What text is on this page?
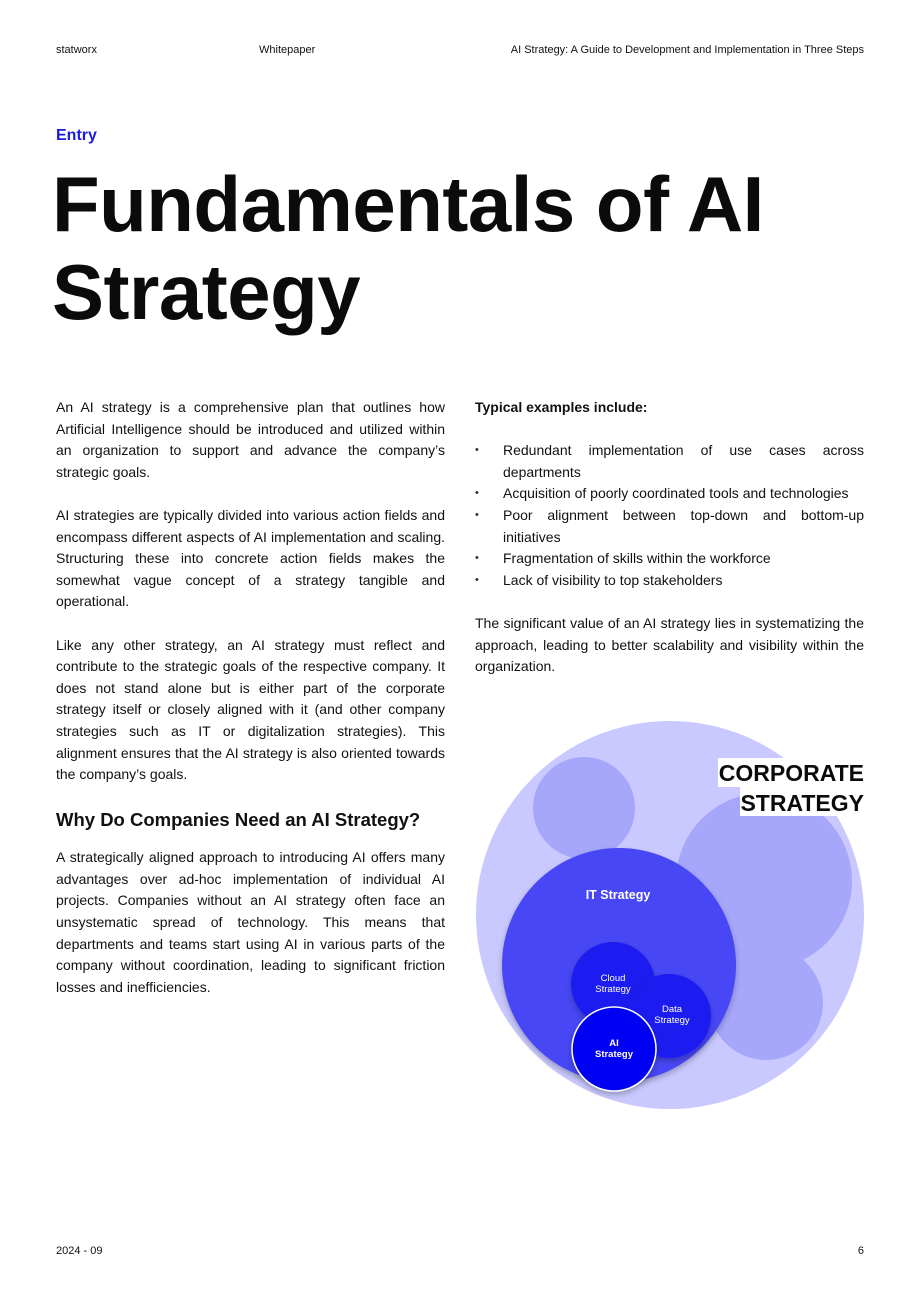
statworx	Whitepaper	AI Strategy: A Guide to Development and Implementation in Three Steps
Entry
Fundamentals of AI Strategy

An AI strategy is a comprehensive plan that outlines how Artificial Intelligence should be introduced and utilized within an organization to support and advance the company’s strategic goals.

AI strategies are typically divided into various action fields and encompass different aspects of AI implementation and scaling. Structuring these into concrete action fields makes the somewhat vague concept of a strategy tangible and operational.

Like any other strategy, an AI strategy must reflect and contribute to the strategic goals of the respective company. It does not stand alone but is either part of the corporate strategy itself or closely aligned with it (and other company strategies such as IT or digitalization strategies). This alignment ensures that the AI strategy is also oriented towards the company’s goals.

Why Do Companies Need an AI Strategy?

A strategically aligned approach to introducing AI offers many advantages over ad-hoc implementation of individual AI projects. Companies without an AI strategy often face an unsystematic spread of technology. This means that departments and teams start using AI in various parts of the company without coordination, leading to significant friction losses and inefficiencies.

Typical examples include:

•	Redundant implementation of use cases across departments
•	Acquisition of poorly coordinated tools and technologies
•	Poor alignment between top-down and bottom-up initiatives
•	Fragmentation of skills within the workforce
•	Lack of visibility to top stakeholders

The significant value of an AI strategy lies in systematizing the approach, leading to better scalability and visibility within the organization.

CORPORATE
STRATEGY
IT Strategy
Cloud
Strategy
Data
Strategy
AI
Strategy
2024 - 09	6
